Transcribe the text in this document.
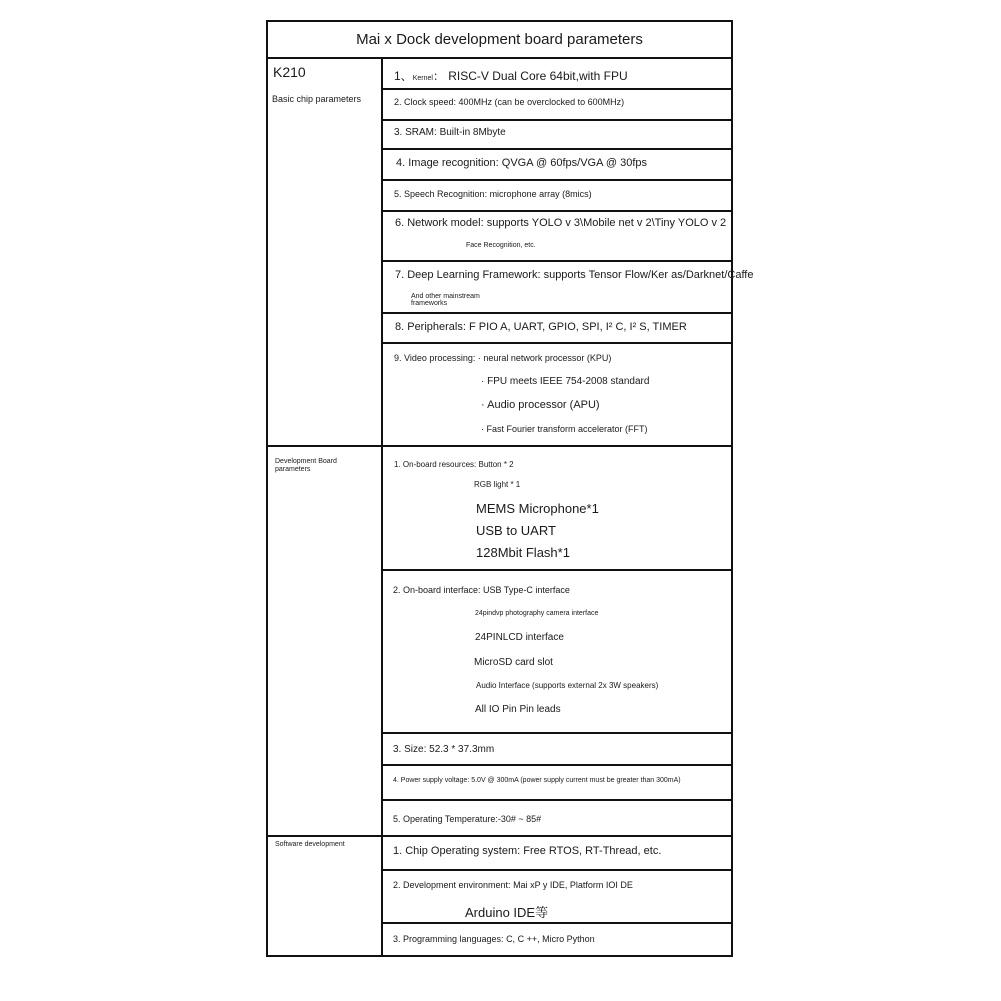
Mai x Dock development board parameters
K210
Basic chip parameters
Development Board parameters
Software development
1、Kernel： RISC-V Dual Core 64bit,with FPU
2. Clock speed: 400MHz (can be overclocked to 600MHz)
3. SRAM: Built-in 8Mbyte
4. Image recognition: QVGA @ 60fps/VGA @ 30fps
5. Speech Recognition: microphone array (8mics)
6. Network model: supports YOLO v 3\Mobile net v 2\Tiny YOLO v 2
Face Recognition, etc.
7. Deep Learning Framework: supports Tensor Flow/Ker as/Darknet/Caffe
And other mainstream frameworks
8. Peripherals: F PIO A, UART, GPIO, SPI, I² C, I² S, TIMER
9. Video processing: · neural network processor (KPU)
· FPU meets IEEE 754-2008 standard
· Audio processor (APU)
· Fast Fourier transform accelerator (FFT)
1. On-board resources: Button * 2
RGB light * 1
MEMS Microphone*1
USB to UART
128Mbit Flash*1
2. On-board interface: USB Type-C interface
24pindvp photography camera interface
24PINLCD interface
MicroSD card slot
Audio Interface (supports external 2x 3W speakers)
All IO Pin Pin leads
3. Size: 52.3 * 37.3mm
4. Power supply voltage: 5.0V @ 300mA (power supply current must be greater than 300mA)
5. Operating Temperature:-30# ~ 85#
1. Chip Operating system: Free RTOS, RT-Thread, etc.
2. Development environment: Mai xP y IDE, Platform IOI DE
Arduino IDE等
3. Programming languages: C, C ++, Micro Python
